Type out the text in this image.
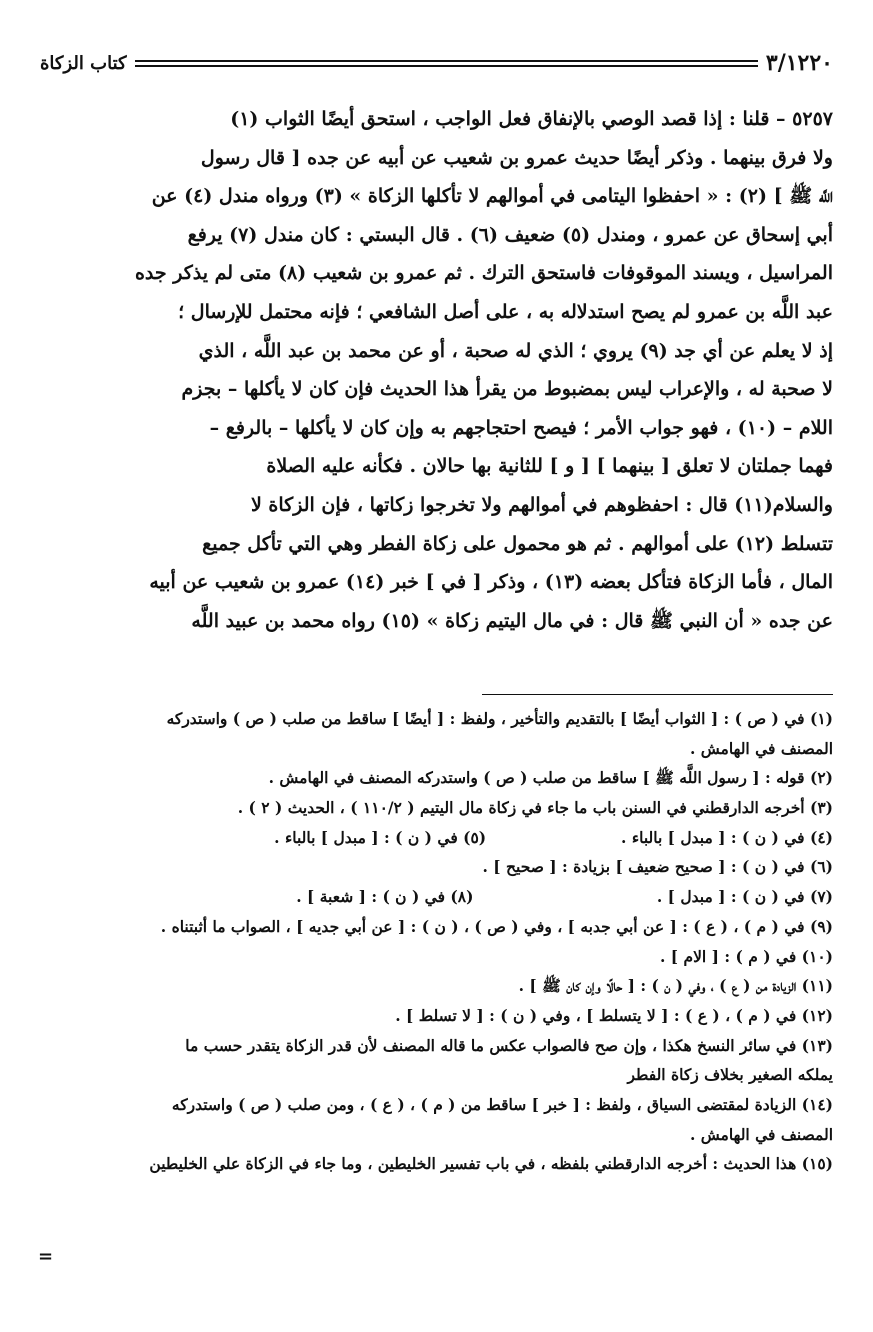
٣/١٢٢٠
كتاب الزكاة
٥٢٥٧ – قلنا : إذا قصد الوصي بالإنفاق فعل الواجب ، استحق أيضًا الثواب (١)
ولا فرق بينهما . وذكر أيضًا حديث عمرو بن شعيب عن أبيه عن جده [ قال رسول
اللَّه ﷺ ] (٢) : « احفظوا اليتامى في أموالهم لا تأكلها الزكاة » (٣) ورواه مندل (٤) عن
أبي إسحاق عن عمرو ، ومندل (٥) ضعيف (٦) . قال البستي : كان مندل (٧) يرفع
المراسيل ، ويسند الموقوفات فاستحق الترك . ثم عمرو بن شعيب (٨) متى لم يذكر جده
عبد اللَّه بن عمرو لم يصح استدلاله به ، على أصل الشافعي ؛ فإنه محتمل للإرسال ؛
إذ لا يعلم عن أي جد (٩) يروي ؛ الذي له صحبة ، أو عن محمد بن عبد اللَّه ، الذي
لا صحبة له ، والإعراب ليس بمضبوط من يقرأ هذا الحديث فإن كان لا يأكلها – بجزم
اللام – (١٠) ، فهو جواب الأمر ؛ فيصح احتجاجهم به وإن كان لا يأكلها – بالرفع –
فهما جملتان لا تعلق [ بينهما ] [ و ] للثانية بها حالان . فكأنه عليه الصلاة
والسلام(١١) قال : احفظوهم في أموالهم ولا تخرجوا زكاتها ، فإن الزكاة لا
تتسلط (١٢) على أموالهم . ثم هو محمول على زكاة الفطر وهي التي تأكل جميع
المال ، فأما الزكاة فتأكل بعضه (١٣) ، وذكر [ في ] خبر (١٤) عمرو بن شعيب عن أبيه
عن جده « أن النبي ﷺ قال : في مال اليتيم زكاة » (١٥) رواه محمد بن عبيد اللَّه
(١) في ( ص ) : [ الثواب أيضًا ] بالتقديم والتأخير ، ولفظ : [ أيضًا ] ساقط من صلب ( ص ) واستدركه
المصنف في الهامش .
(٢) قوله : [ رسول اللَّه ﷺ ] ساقط من صلب ( ص ) واستدركه المصنف في الهامش .
(٣) أخرجه الدارقطني في السنن باب ما جاء في زكاة مال اليتيم ( ١١٠/٢ ) ، الحديث ( ٢ ) .
(٤) في ( ن ) : [ مبدل ] بالباء .                         (٥) في ( ن ) : [ مبدل ] بالباء .
(٦) في ( ن ) : [ صحيح ضعيف ] بزيادة : [ صحيح ] .
(٧) في ( ن ) : [ مبدل ] .                                  (٨) في ( ن ) : [ شعبة ] .
(٩) في ( م ) ، ( ع ) : [ عن أبي جدبه ] ، وفي ( ص ) ، ( ن ) : [ عن أبي جديه ] ، الصواب ما أثبتناه .
(١٠) في ( م ) : [ الام ] .
(١١) الزيادة من ( ع ) ، وفي ( ن ) : [ حالًا وإن كان ﷺ ] .
(١٢) في ( م ) ، ( ع ) : [ لا يتسلط ] ، وفي ( ن ) : [ لا تسلط ] .
(١٣) في سائر النسخ هكذا ، وإن صح فالصواب عكس ما قاله المصنف لأن قدر الزكاة يتقدر حسب ما
يملكه الصغير بخلاف زكاة الفطر
(١٤) الزيادة لمقتضى السياق ، ولفظ : [ خبر ] ساقط من ( م ) ، ( ع ) ، ومن صلب ( ص ) واستدركه
المصنف في الهامش .
(١٥) هذا الحديث : أخرجه الدارقطني بلفظه ، في باب تفسير الخليطين ، وما جاء في الزكاة علي الخليطين
=
